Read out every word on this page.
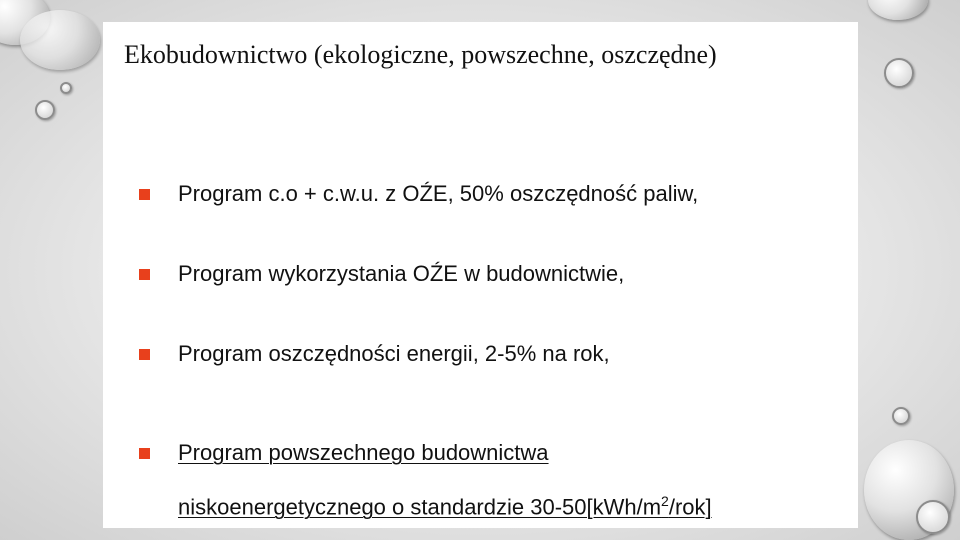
Ekobudownictwo (ekologiczne, powszechne, oszczędne)
Program c.o + c.w.u. z OŹE, 50% oszczędność paliw,
Program wykorzystania OŹE w budownictwie,
Program oszczędności energii, 2-5% na rok,
Program powszechnego budownictwa
niskoenergetycznego o standardzie $30-50[kWh/m^2/rok]$
